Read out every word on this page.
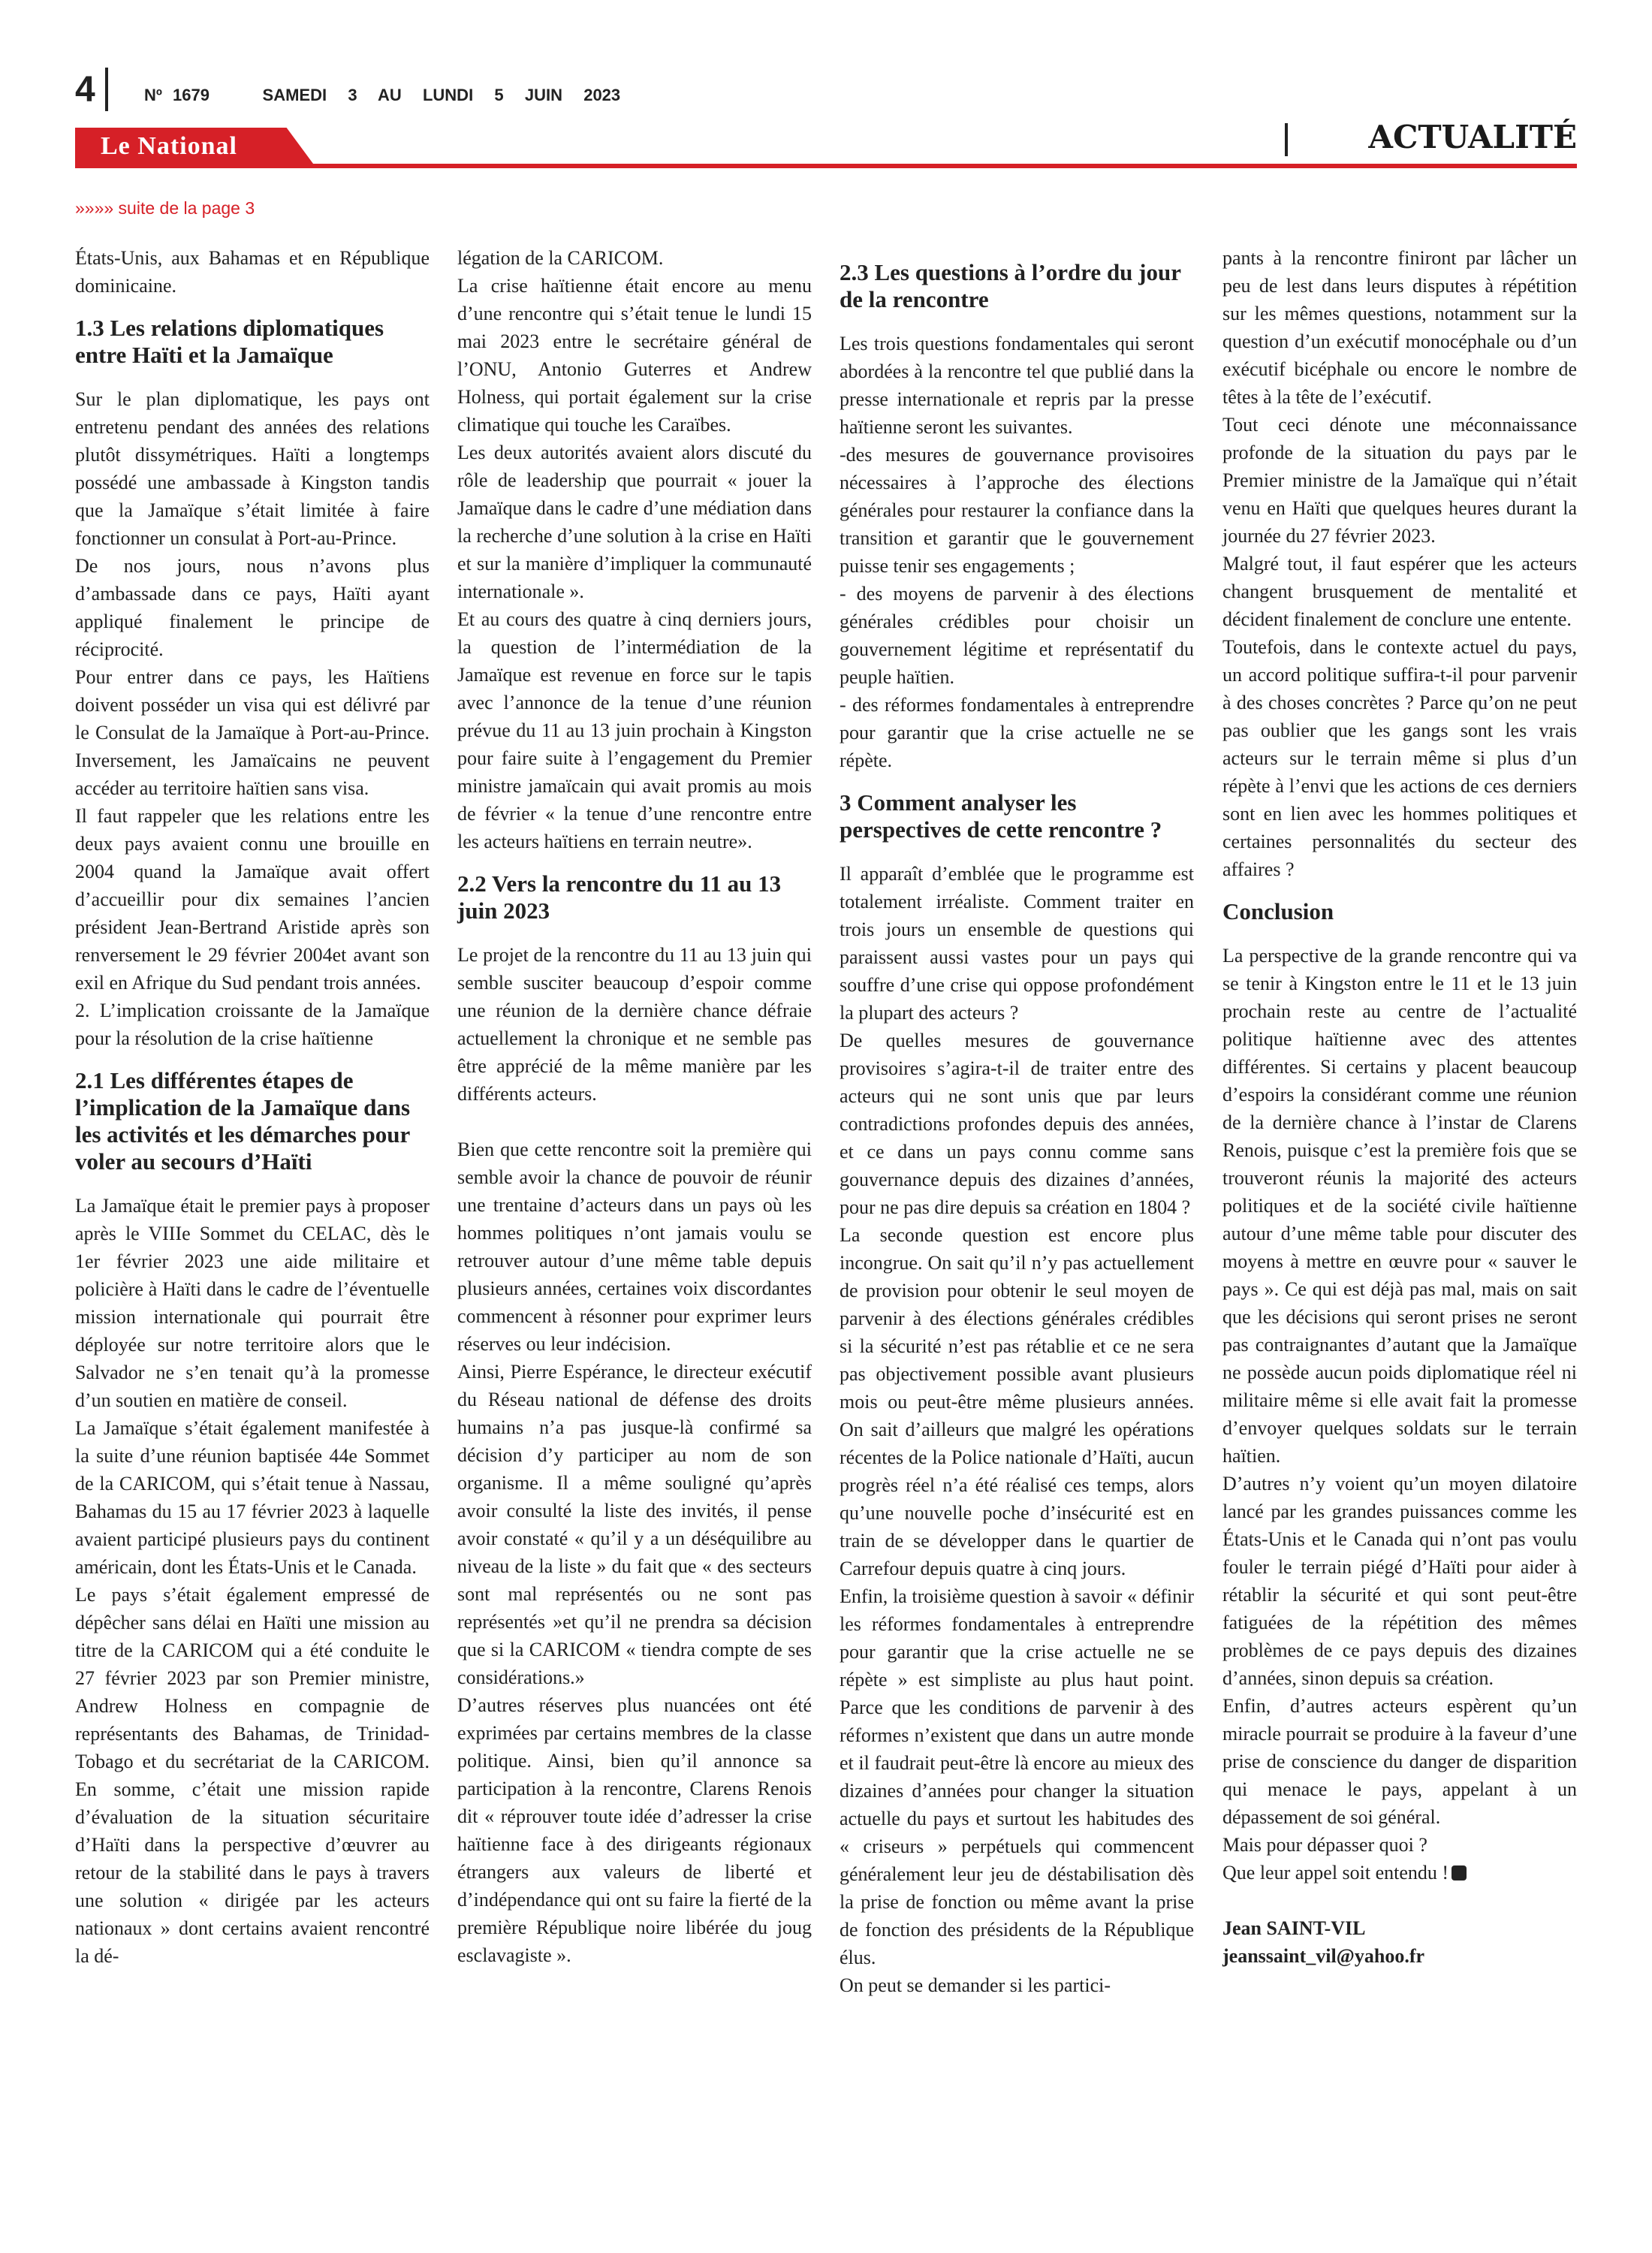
4	Nº 1679     SAMEDI  3  AU  LUNDI  5  JUIN  2023
Le National	ACTUALITÉ
»»»» suite de la page 3

États-Unis, aux Bahamas et en République dominicaine.

1.3 Les relations diplomatiques entre Haïti et la Jamaïque

Sur le plan diplomatique, les pays ont entretenu pendant des années des relations plutôt dissymétriques. Haïti a longtemps possédé une ambassade à Kingston tandis que la Jamaïque s’était limitée à faire fonctionner un consulat à Port-au-Prince.

De nos jours, nous n’avons plus d’ambassade dans ce pays, Haïti ayant appliqué finalement le principe de réciprocité.

Pour entrer dans ce pays, les Haïtiens doivent posséder un visa qui est délivré par le Consulat de la Jamaïque à Port-au-Prince. Inversement, les Jamaïcains ne peuvent accéder au territoire haïtien sans visa.

Il faut rappeler que les relations entre les deux pays avaient connu une brouille en 2004 quand la Jamaïque avait offert d’accueillir pour dix semaines l’ancien président Jean-Bertrand Aristide après son renversement le 29 février 2004et avant son exil en Afrique du Sud pendant trois années.

2. L’implication croissante de la Jamaïque pour la résolution de la crise haïtienne

2.1 Les différentes étapes de l’implication de la Jamaïque dans les activités et les démarches pour voler au secours d’Haïti

La Jamaïque était le premier pays à proposer après le VIIIe Sommet du CELAC, dès le 1er février 2023 une aide militaire et policière à Haïti dans le cadre de l’éventuelle mission internationale qui pourrait être déployée sur notre territoire alors que le Salvador ne s’en tenait qu’à la promesse d’un soutien en matière de conseil.

La Jamaïque s’était également manifestée à la suite d’une réunion baptisée 44e Sommet de la CARICOM, qui s’était tenue à Nassau, Bahamas du 15 au 17 février 2023 à laquelle avaient participé plusieurs pays du continent américain, dont les États-Unis et le Canada.

Le pays s’était également empressé de dépêcher sans délai en Haïti une mission au titre de la CARICOM qui a été conduite le 27 février 2023 par son Premier ministre, Andrew Holness en compagnie de représentants des Bahamas, de Trinidad-Tobago et du secrétariat de la CARICOM. En somme, c’était une mission rapide d’évaluation de la situation sécuritaire d’Haïti dans la perspective d’œuvrer au retour de la stabilité dans le pays à travers une solution « dirigée par les acteurs nationaux » dont certains avaient rencontré la dé-

légation de la CARICOM.

La crise haïtienne était encore au menu d’une rencontre qui s’était tenue le lundi 15 mai 2023 entre le secrétaire général de l’ONU, Antonio Guterres et Andrew Holness, qui portait également sur la crise climatique qui touche les Caraïbes.

Les deux autorités avaient alors discuté du rôle de leadership que pourrait « jouer la Jamaïque dans le cadre d’une médiation dans la recherche d’une solution à la crise en Haïti et sur la manière d’impliquer la communauté internationale ».

Et au cours des quatre à cinq derniers jours, la question de l’intermédiation de la Jamaïque est revenue en force sur le tapis avec l’annonce de la tenue d’une réunion prévue du 11 au 13 juin prochain à Kingston pour faire suite à l’engagement du Premier ministre jamaïcain qui avait promis au mois de février « la tenue d’une rencontre entre les acteurs haïtiens en terrain neutre».

2.2 Vers la rencontre du 11 au 13 juin 2023

Le projet de la rencontre du 11 au 13 juin qui semble susciter beaucoup d’espoir comme une réunion de la dernière chance défraie actuellement la chronique et ne semble pas être apprécié de la même manière par les différents acteurs.

Bien que cette rencontre soit la première qui semble avoir la chance de pouvoir de réunir une trentaine d’acteurs dans un pays où les hommes politiques n’ont jamais voulu se retrouver autour d’une même table depuis plusieurs années, certaines voix discordantes commencent à résonner pour exprimer leurs réserves ou leur indécision.

Ainsi, Pierre Espérance, le directeur exécutif du Réseau national de défense des droits humains n’a pas jusque-là confirmé sa décision d’y participer au nom de son organisme. Il a même souligné qu’après avoir consulté la liste des invités, il pense avoir constaté « qu’il y a un déséquilibre au niveau de la liste » du fait que « des secteurs sont mal représentés ou ne sont pas représentés »et qu’il ne prendra sa décision que si la CARICOM « tiendra compte de ses considérations.»

D’autres réserves plus nuancées ont été exprimées par certains membres de la classe politique. Ainsi, bien qu’il annonce sa participation à la rencontre, Clarens Renois dit « réprouver toute idée d’adresser la crise haïtienne face à des dirigeants régionaux étrangers aux valeurs de liberté et d’indépendance qui ont su faire la fierté de la première République noire libérée du joug esclavagiste ».

2.3 Les questions à l’ordre du jour de la rencontre

Les trois questions fondamentales qui seront abordées à la rencontre tel que publié dans la presse internationale et repris par la presse haïtienne seront les suivantes.

-des mesures de gouvernance provisoires nécessaires à l’approche des élections générales pour restaurer la confiance dans la transition et garantir que le gouvernement puisse tenir ses engagements ;

- des moyens de parvenir à des élections générales crédibles pour choisir un gouvernement légitime et représentatif du peuple haïtien.

- des réformes fondamentales à entreprendre pour garantir que la crise actuelle ne se répète.

3 Comment analyser les perspectives de cette rencontre ?

Il apparaît d’emblée que le programme est totalement irréaliste. Comment traiter en trois jours un ensemble de questions qui paraissent aussi vastes pour un pays qui souffre d’une crise qui oppose profondément la plupart des acteurs ?

De quelles mesures de gouvernance provisoires s’agira-t-il de traiter entre des acteurs qui ne sont unis que par leurs contradictions profondes depuis des années, et ce dans un pays connu comme sans gouvernance depuis des dizaines d’années, pour ne pas dire depuis sa création en 1804 ?

La seconde question est encore plus incongrue. On sait qu’il n’y pas actuellement de provision pour obtenir le seul moyen de parvenir à des élections générales crédibles si la sécurité n’est pas rétablie et ce ne sera pas objectivement possible avant plusieurs mois ou peut-être même plusieurs années. On sait d’ailleurs que malgré les opérations récentes de la Police nationale d’Haïti, aucun progrès réel n’a été réalisé ces temps, alors qu’une nouvelle poche d’insécurité est en train de se développer dans le quartier de Carrefour depuis quatre à cinq jours.

Enfin, la troisième question à savoir « définir les réformes fondamentales à entreprendre pour garantir que la crise actuelle ne se répète » est simpliste au plus haut point. Parce que les conditions de parvenir à des réformes n’existent que dans un autre monde et il faudrait peut-être là encore au mieux des dizaines d’années pour changer la situation actuelle du pays et surtout les habitudes des « criseurs » perpétuels qui commencent généralement leur jeu de déstabilisation dès la prise de fonction ou même avant la prise de fonction des présidents de la République élus.

On peut se demander si les partici-

pants à la rencontre finiront par lâcher un peu de lest dans leurs disputes à répétition sur les mêmes questions, notamment sur la question d’un exécutif monocéphale ou d’un exécutif bicéphale ou encore le nombre de têtes à la tête de l’exécutif.

Tout ceci dénote une méconnaissance profonde de la situation du pays par le Premier ministre de la Jamaïque qui n’était venu en Haïti que quelques heures durant la journée du 27 février 2023.

Malgré tout, il faut espérer que les acteurs changent brusquement de mentalité et décident finalement de conclure une entente.

Toutefois, dans le contexte actuel du pays, un accord politique suffira-t-il pour parvenir à des choses concrètes ? Parce qu’on ne peut pas oublier que les gangs sont les vrais acteurs sur le terrain même si plus d’un répète à l’envi que les actions de ces derniers sont en lien avec les hommes politiques et certaines personnalités du secteur des affaires ?

Conclusion

La perspective de la grande rencontre qui va se tenir à Kingston entre le 11 et le 13 juin prochain reste au centre de l’actualité politique haïtienne avec des attentes différentes. Si certains y placent beaucoup d’espoirs la considérant comme une réunion de la dernière chance à l’instar de Clarens Renois, puisque c’est la première fois que se trouveront réunis la majorité des acteurs politiques et de la société civile haïtienne autour d’une même table pour discuter des moyens à mettre en œuvre pour « sauver le pays ». Ce qui est déjà pas mal, mais on sait que les décisions qui seront prises ne seront pas contraignantes d’autant que la Jamaïque ne possède aucun poids diplomatique réel ni militaire même si elle avait fait la promesse d’envoyer quelques soldats sur le terrain haïtien.

D’autres n’y voient qu’un moyen dilatoire lancé par les grandes puissances comme les États-Unis et le Canada qui n’ont pas voulu fouler le terrain piégé d’Haïti pour aider à rétablir la sécurité et qui sont peut-être fatiguées de la répétition des mêmes problèmes de ce pays depuis des dizaines d’années, sinon depuis sa création.

Enfin, d’autres acteurs espèrent qu’un miracle pourrait se produire à la faveur d’une prise de conscience du danger de disparition qui menace le pays, appelant à un dépassement de soi général.

Mais pour dépasser quoi ?

Que leur appel soit entendu !

Jean SAINT-VIL

jeanssaint_vil@yahoo.fr
